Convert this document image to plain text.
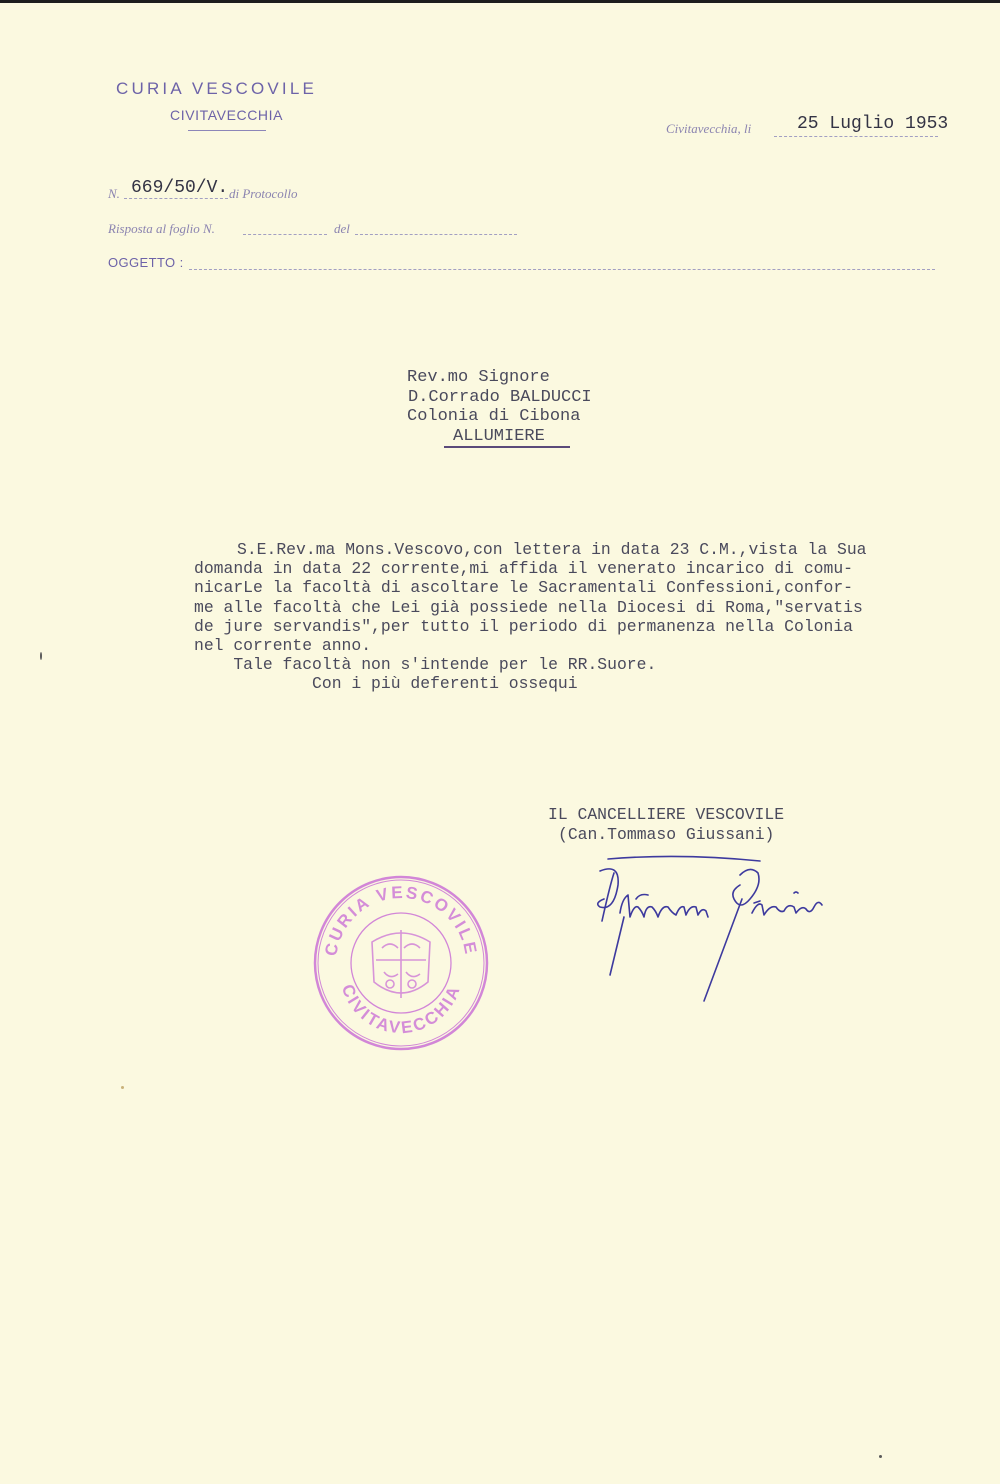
CURIA VESCOVILE
CIVITAVECCHIA
Civitavecchia, li	25 Luglio 1953
N. 669/50/V. di Protocollo
Risposta al foglio N.	del
OGGETTO :
Rev.mo Signore
D.Corrado BALDUCCI
Colonia di Cibona
ALLUMIERE
S.E.Rev.ma Mons.Vescovo,con lettera in data 23 C.M.,vista la Sua
domanda in data 22 corrente,mi affida il venerato incarico di comu-
nicarLe la facoltà di ascoltare le Sacramentali Confessioni,confor-
me alle facoltà che Lei già possiede nella Diocesi di Roma,"servatis
de jure servandis",per tutto il periodo di permanenza nella Colonia
nel corrente anno.
Tale facoltà non s'intende per le RR.Suore.
Con i più deferenti ossequi
IL CANCELLIERE VESCOVILE
(Can.Tommaso Giussani)
CURIA VESCOVILE
CIVITAVECCHIA
